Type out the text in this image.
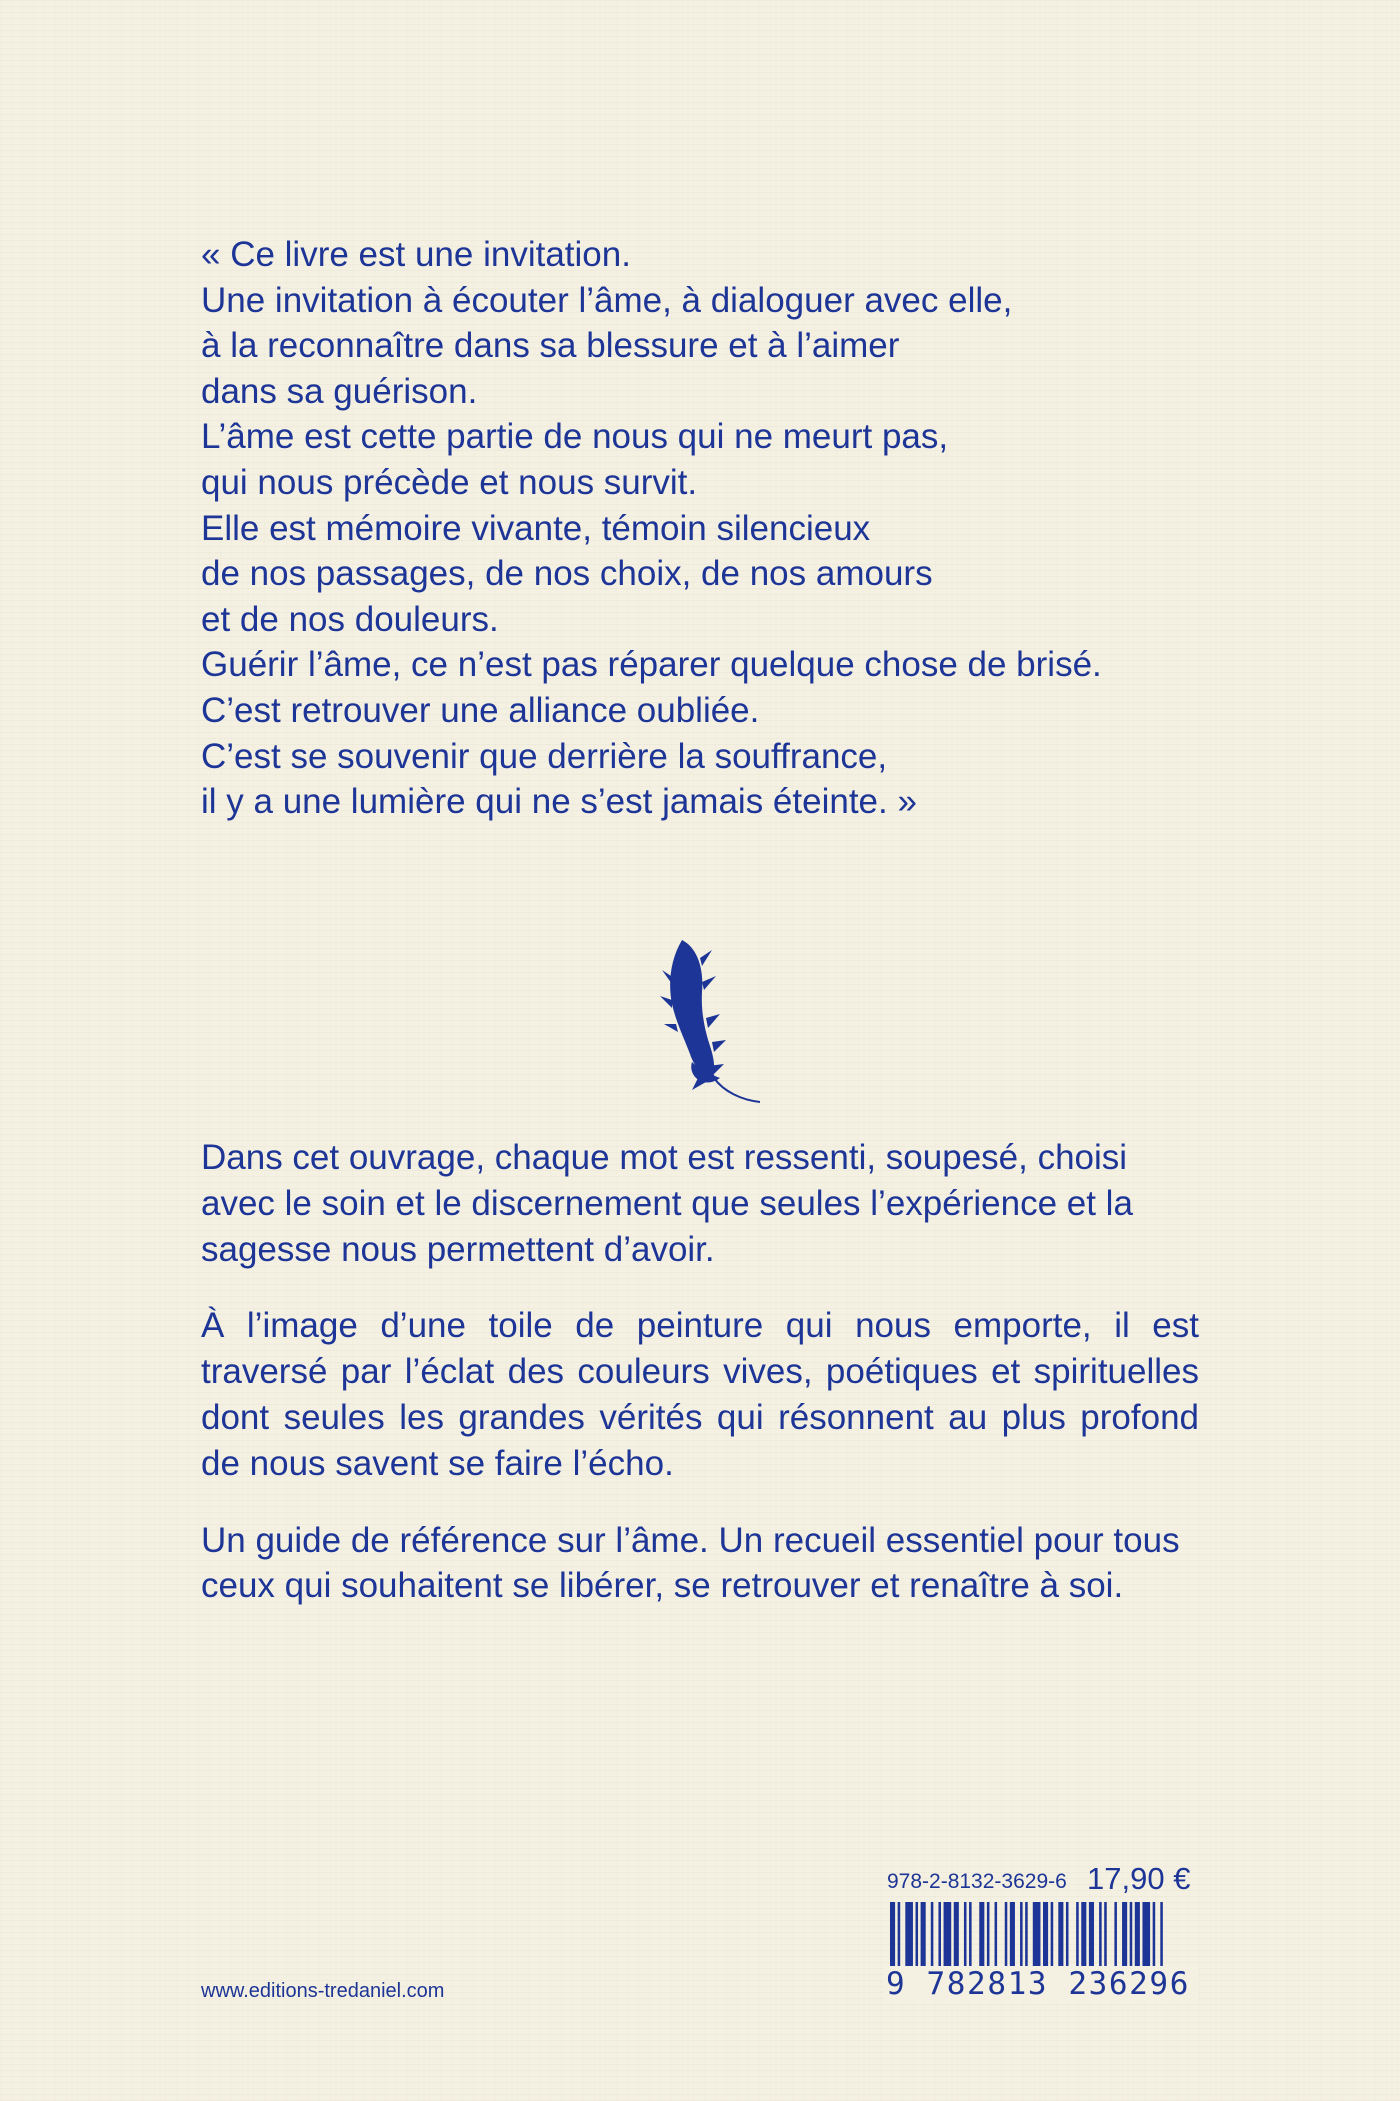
« Ce livre est une invitation.
Une invitation à écouter l’âme, à dialoguer avec elle,
à la reconnaître dans sa blessure et à l’aimer
dans sa guérison.
L’âme est cette partie de nous qui ne meurt pas,
qui nous précède et nous survit.
Elle est mémoire vivante, témoin silencieux
de nos passages, de nos choix, de nos amours
et de nos douleurs.
Guérir l’âme, ce n’est pas réparer quelque chose de brisé.
C’est retrouver une alliance oubliée.
C’est se souvenir que derrière la souffrance,
il y a une lumière qui ne s’est jamais éteinte. »

Dans cet ouvrage, chaque mot est ressenti, soupesé, choisi avec le soin et le discernement que seules l’expérience et la sagesse nous permettent d’avoir.

À l’image d’une toile de peinture qui nous emporte, il est traversé par l’éclat des couleurs vives, poétiques et spirituelles dont seules les grandes vérités qui résonnent au plus profond de nous savent se faire l’écho.

Un guide de référence sur l’âme. Un recueil essentiel pour tous ceux qui souhaitent se libérer, se retrouver et renaître à soi.

978-2-8132-3629-6 17,90 €
9 782813 236296
www.editions-tredaniel.com
